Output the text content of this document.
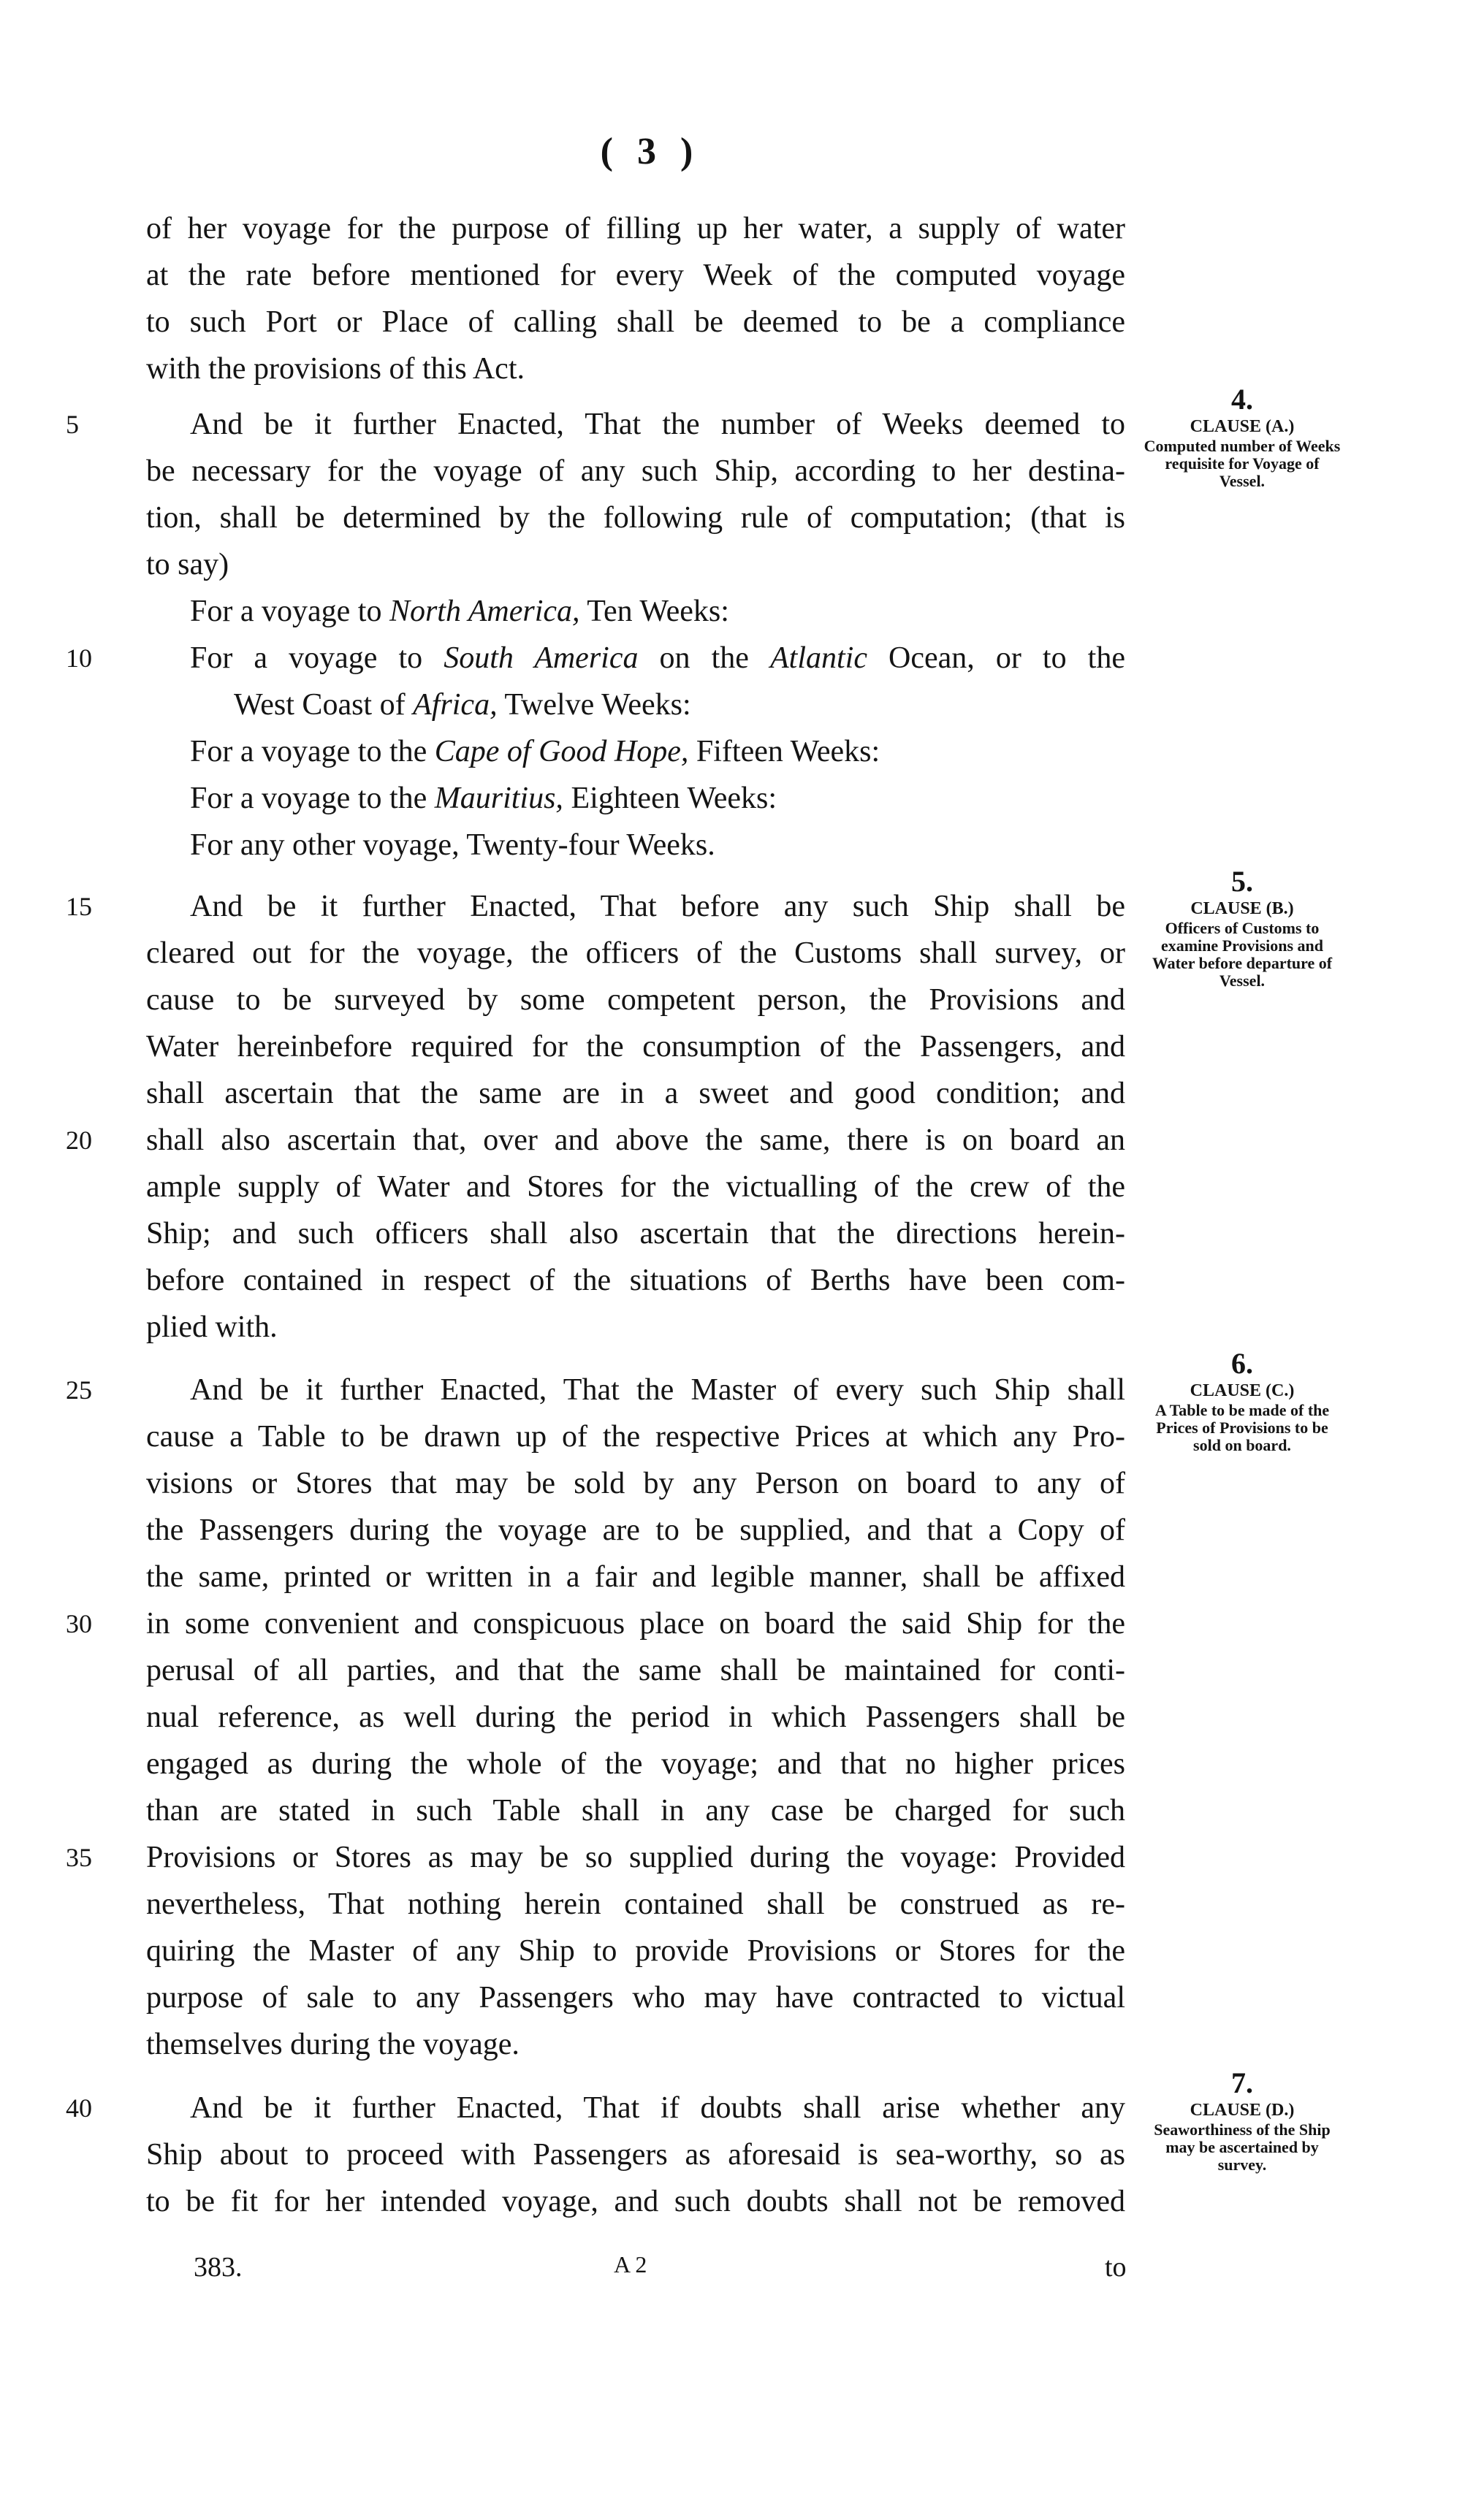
( 3 )
of her voyage for the purpose of filling up her water, a supply of water
at the rate before mentioned for every Week of the computed voyage
to such Port or Place of calling shall be deemed to be a compliance
with the provisions of this Act.
And be it further Enacted, That the number of Weeks deemed to
be necessary for the voyage of any such Ship, according to her destina-
tion, shall be determined by the following rule of computation; (that is
to say)
For a voyage to North America, Ten Weeks:
For a voyage to South America on the Atlantic Ocean, or to the
West Coast of Africa, Twelve Weeks:
For a voyage to the Cape of Good Hope, Fifteen Weeks:
For a voyage to the Mauritius, Eighteen Weeks:
For any other voyage, Twenty-four Weeks.
And be it further Enacted, That before any such Ship shall be
cleared out for the voyage, the officers of the Customs shall survey, or
cause to be surveyed by some competent person, the Provisions and
Water hereinbefore required for the consumption of the Passengers, and
shall ascertain that the same are in a sweet and good condition; and
shall also ascertain that, over and above the same, there is on board an
ample supply of Water and Stores for the victualling of the crew of the
Ship; and such officers shall also ascertain that the directions herein-
before contained in respect of the situations of Berths have been com-
plied with.
And be it further Enacted, That the Master of every such Ship shall
cause a Table to be drawn up of the respective Prices at which any Pro-
visions or Stores that may be sold by any Person on board to any of
the Passengers during the voyage are to be supplied, and that a Copy of
the same, printed or written in a fair and legible manner, shall be affixed
in some convenient and conspicuous place on board the said Ship for the
perusal of all parties, and that the same shall be maintained for conti-
nual reference, as well during the period in which Passengers shall be
engaged as during the whole of the voyage; and that no higher prices
than are stated in such Table shall in any case be charged for such
Provisions or Stores as may be so supplied during the voyage: Provided
nevertheless, That nothing herein contained shall be construed as re-
quiring the Master of any Ship to provide Provisions or Stores for the
purpose of sale to any Passengers who may have contracted to victual
themselves during the voyage.
And be it further Enacted, That if doubts shall arise whether any
Ship about to proceed with Passengers as aforesaid is sea-worthy, so as
to be fit for her intended voyage, and such doubts shall not be removed
5
10
15
20
25
30
35
40
4.
CLAUSE (A.)
Computed number of Weeks requisite for Voyage of Vessel.
5.
CLAUSE (B.)
Officers of Customs to examine Provisions and Water before departure of Vessel.
6.
CLAUSE (C.)
A Table to be made of the Prices of Provisions to be sold on board.
7.
CLAUSE (D.)
Seaworthiness of the Ship may be ascertained by survey.
383.	A 2	to
